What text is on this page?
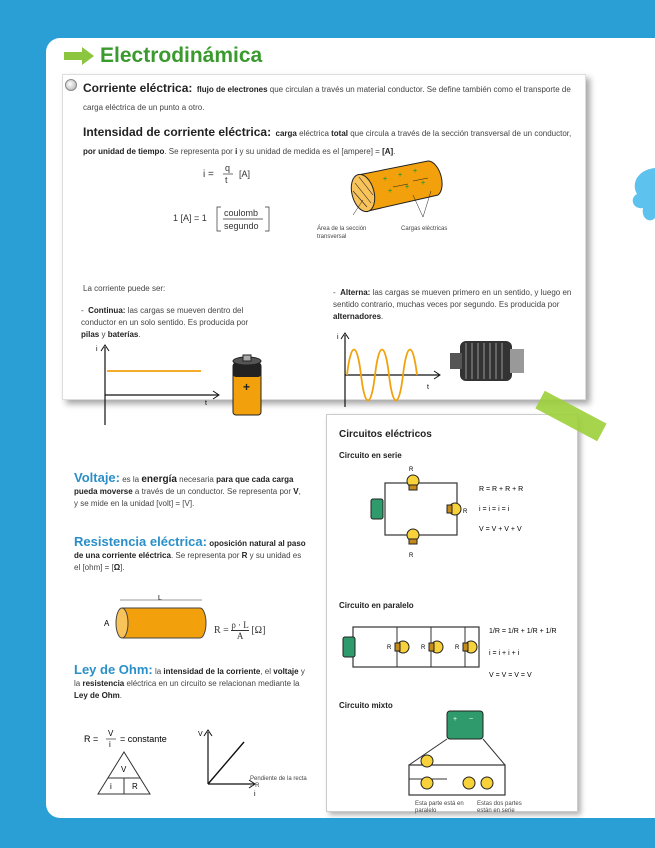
Electrodinámica
Corriente eléctrica: flujo de electrones que circulan a través un material conductor. Se define también como el transporte de carga eléctrica de un punto a otro.
Intensidad de corriente eléctrica: carga eléctrica total que circula a través de la sección transversal de un conductor, por unidad de tiempo. Se representa por i y su unidad de medida es el [ampere] = [A].
i =
q
t
[A]
1 [A] = 1 coulomb
segundo
+
+
+
+
+
+
Área de la sección transversal
Cargas eléctricas
La corriente puede ser:
-  Continua: las cargas se mueven dentro del conductor en un solo sentido. Es producida por pilas y baterías.
-  Alterna: las cargas se mueven primero en un sentido, y luego en sentido contrario, muchas veces por segundo. Es producida por alternadores.
i
t
+
i
t
Voltaje: es la energía necesaria para que cada carga pueda moverse a través de un conductor. Se representa por V, y se mide en la unidad [volt] = [V].
Resistencia eléctrica: oposición natural al paso de una corriente eléctrica. Se representa por R y su unidad es el [ohm] = [Ω].
L
A
$R = \frac{\rho \cdot L}{A} [\Omega]$
Ley de Ohm: la intensidad de la corriente, el voltaje y la resistencia eléctrica en un circuito se relacionan mediante la Ley de Ohm.
R =
V
i
= constante
V
i	R
V
i
Pendiente de la recta = R
Circuitos eléctricos
Circuito en serie
R
R
R
R = R + R + R
i = i = i = i
V = V + V + V
Circuito en paralelo
R	R	R
1/R = 1/R + 1/R + 1/R
i = i + i + i
V = V = V = V
Circuito mixto
+ −
Esta parte está en paralelo
Estas dos partes están en serie
